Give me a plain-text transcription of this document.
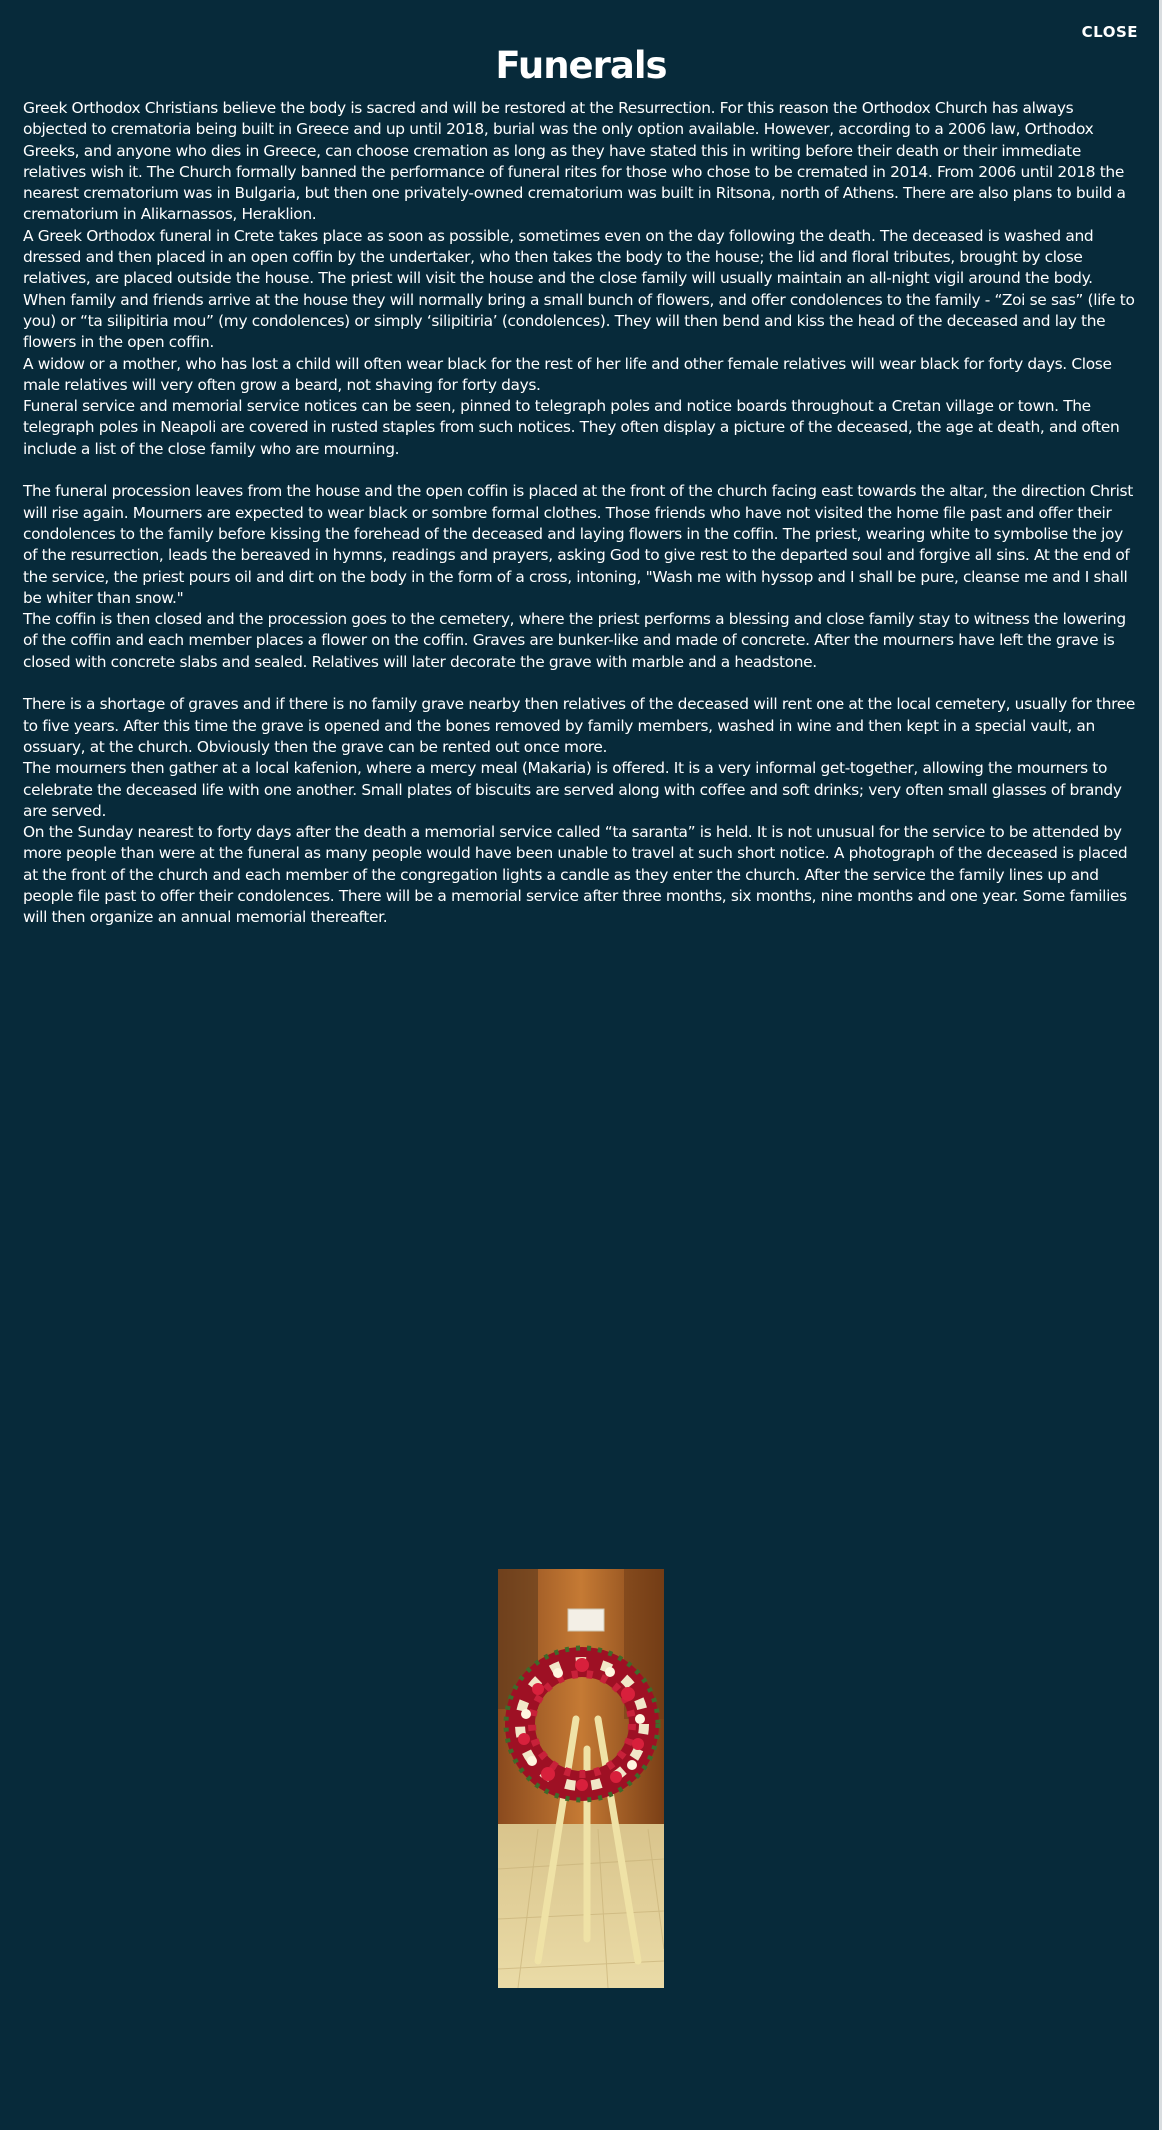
CLOSE
Funerals

Greek Orthodox Christians believe the body is sacred and will be restored at the Resurrection. For this reason the Orthodox Church has always objected to crematoria being built in Greece and up until 2018, burial was the only option available. However, according to a 2006 law, Orthodox Greeks, and anyone who dies in Greece, can choose cremation as long as they have stated this in writing before their death or their immediate relatives wish it. The Church formally banned the performance of funeral rites for those who chose to be cremated in 2014. From 2006 until 2018 the nearest crematorium was in Bulgaria, but then one privately-owned crematorium was built in Ritsona, north of Athens. There are also plans to build a crematorium in Alikarnassos, Heraklion.

A Greek Orthodox funeral in Crete takes place as soon as possible, sometimes even on the day following the death. The deceased is washed and dressed and then placed in an open coffin by the undertaker, who then takes the body to the house; the lid and floral tributes, brought by close relatives, are placed outside the house. The priest will visit the house and the close family will usually maintain an all-night vigil around the body. When family and friends arrive at the house they will normally bring a small bunch of flowers, and offer condolences to the family - “Zoi se sas” (life to you) or “ta silipitiria mou” (my condolences) or simply ‘silipitiria’ (condolences). They will then bend and kiss the head of the deceased and lay the flowers in the open coffin.

A widow or a mother, who has lost a child will often wear black for the rest of her life and other female relatives will wear black for forty days. Close male relatives will very often grow a beard, not shaving for forty days.

Funeral service and memorial service notices can be seen, pinned to telegraph poles and notice boards throughout a Cretan village or town. The telegraph poles in Neapoli are covered in rusted staples from such notices. They often display a picture of the deceased, the age at death, and often include a list of the close family who are mourning.

The funeral procession leaves from the house and the open coffin is placed at the front of the church facing east towards the altar, the direction Christ will rise again. Mourners are expected to wear black or sombre formal clothes. Those friends who have not visited the home file past and offer their condolences to the family before kissing the forehead of the deceased and laying flowers in the coffin. The priest, wearing white to symbolise the joy of the resurrection, leads the bereaved in hymns, readings and prayers, asking God to give rest to the departed soul and forgive all sins. At the end of the service, the priest pours oil and dirt on the body in the form of a cross, intoning, "Wash me with hyssop and I shall be pure, cleanse me and I shall be whiter than snow."

The coffin is then closed and the procession goes to the cemetery, where the priest performs a blessing and close family stay to witness the lowering of the coffin and each member places a flower on the coffin. Graves are bunker-like and made of concrete. After the mourners have left the grave is closed with concrete slabs and sealed. Relatives will later decorate the grave with marble and a headstone.

There is a shortage of graves and if there is no family grave nearby then relatives of the deceased will rent one at the local cemetery, usually for three to five years. After this time the grave is opened and the bones removed by family members, washed in wine and then kept in a special vault, an ossuary, at the church. Obviously then the grave can be rented out once more.

The mourners then gather at a local kafenion, where a mercy meal (Makaria) is offered. It is a very informal get-together, allowing the mourners to celebrate the deceased life with one another. Small plates of biscuits are served along with coffee and soft drinks; very often small glasses of brandy are served.

On the Sunday nearest to forty days after the death a memorial service called “ta saranta” is held. It is not unusual for the service to be attended by more people than were at the funeral as many people would have been unable to travel at such short notice. A photograph of the deceased is placed at the front of the church and each member of the congregation lights a candle as they enter the church. After the service the family lines up and people file past to offer their condolences. There will be a memorial service after three months, six months, nine months and one year. Some families will then organize an annual memorial thereafter.
